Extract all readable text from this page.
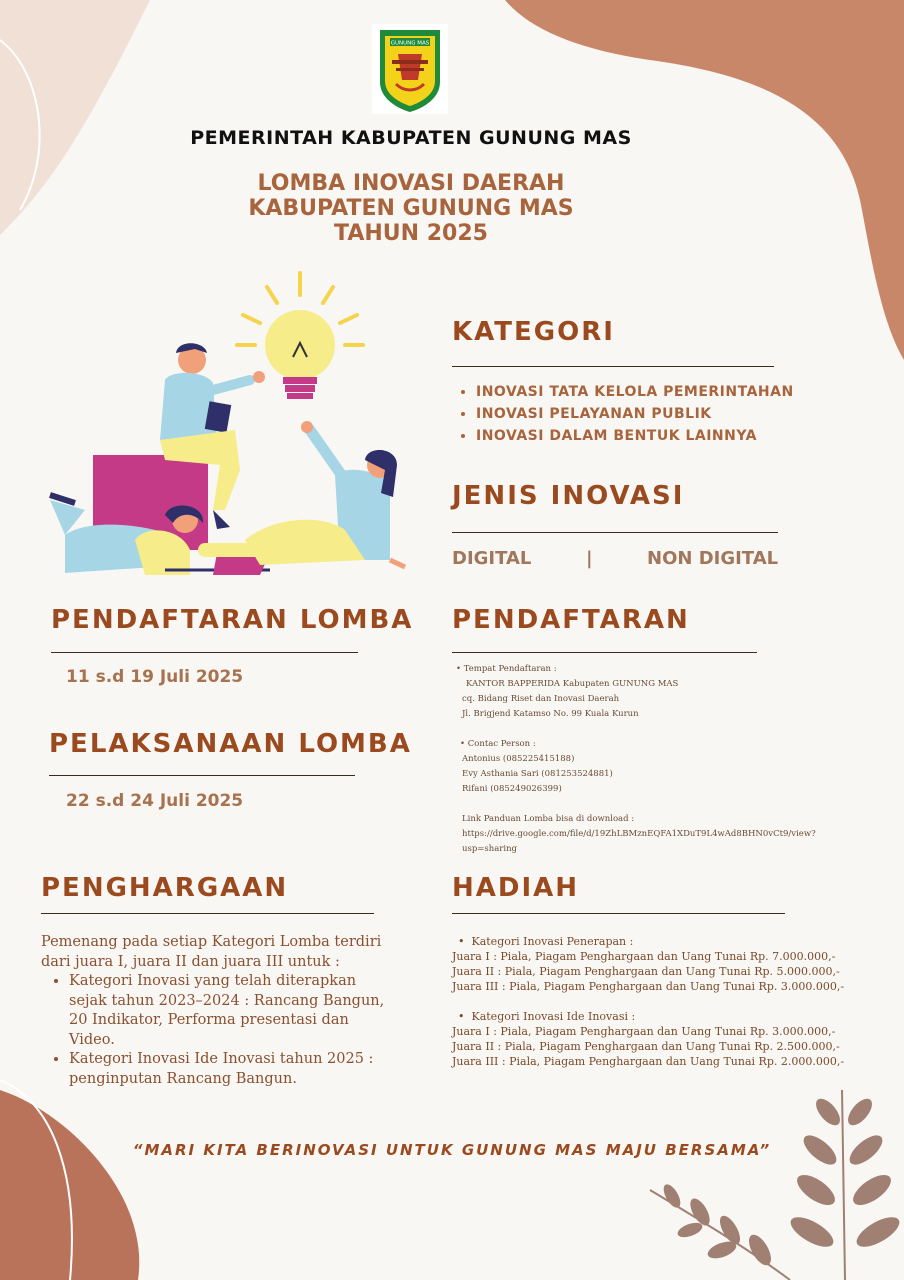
GUNUNG MAS
PEMERINTAH KABUPATEN GUNUNG MAS
LOMBA INOVASI DAERAH
KABUPATEN GUNUNG MAS
TAHUN 2025
KATEGORI
• INOVASI TATA KELOLA PEMERINTAHAN
• INOVASI PELAYANAN PUBLIK
• INOVASI DALAM BENTUK LAINNYA
JENIS INOVASI
DIGITAL	|	NON DIGITAL
PENDAFTARAN LOMBA
11 s.d 19 Juli 2025
PELAKSANAAN LOMBA
22 s.d 24 Juli 2025
PENDAFTARAN
• Tempat Pendaftaran :
KANTOR BAPPERIDA Kabupaten GUNUNG MAS
cq. Bidang Riset dan Inovasi Daerah
Jl. Brigjend Katamso No. 99 Kuala Kurun
• Contac Person :
Antonius (085225415188)
Evy Asthania Sari (081253524881)
Rifani (085249026399)
Link Panduan Lomba bisa di download :
https://drive.google.com/file/d/19ZhLBMznEQFA1XDuT9L4wAd8BHN0vCt9/view? usp=sharing
PENGHARGAAN
Pemenang pada setiap Kategori Lomba terdiri dari juara I, juara II dan juara III untuk :
• Kategori Inovasi yang telah diterapkan sejak tahun 2023–2024 : Rancang Bangun, 20 Indikator, Performa presentasi dan Video.
• Kategori Inovasi Ide Inovasi tahun 2025 : penginputan Rancang Bangun.
HADIAH
•  Kategori Inovasi Penerapan :
Juara I : Piala, Piagam Penghargaan dan Uang Tunai Rp. 7.000.000,-
Juara II : Piala, Piagam Penghargaan dan Uang Tunai Rp. 5.000.000,-
Juara III : Piala, Piagam Penghargaan dan Uang Tunai Rp. 3.000.000,-
•  Kategori Inovasi Ide Inovasi :
Juara I : Piala, Piagam Penghargaan dan Uang Tunai Rp. 3.000.000,-
Juara II : Piala, Piagam Penghargaan dan Uang Tunai Rp. 2.500.000,-
Juara III : Piala, Piagam Penghargaan dan Uang Tunai Rp. 2.000.000,-
“MARI KITA BERINOVASI UNTUK GUNUNG MAS MAJU BERSAMA”
